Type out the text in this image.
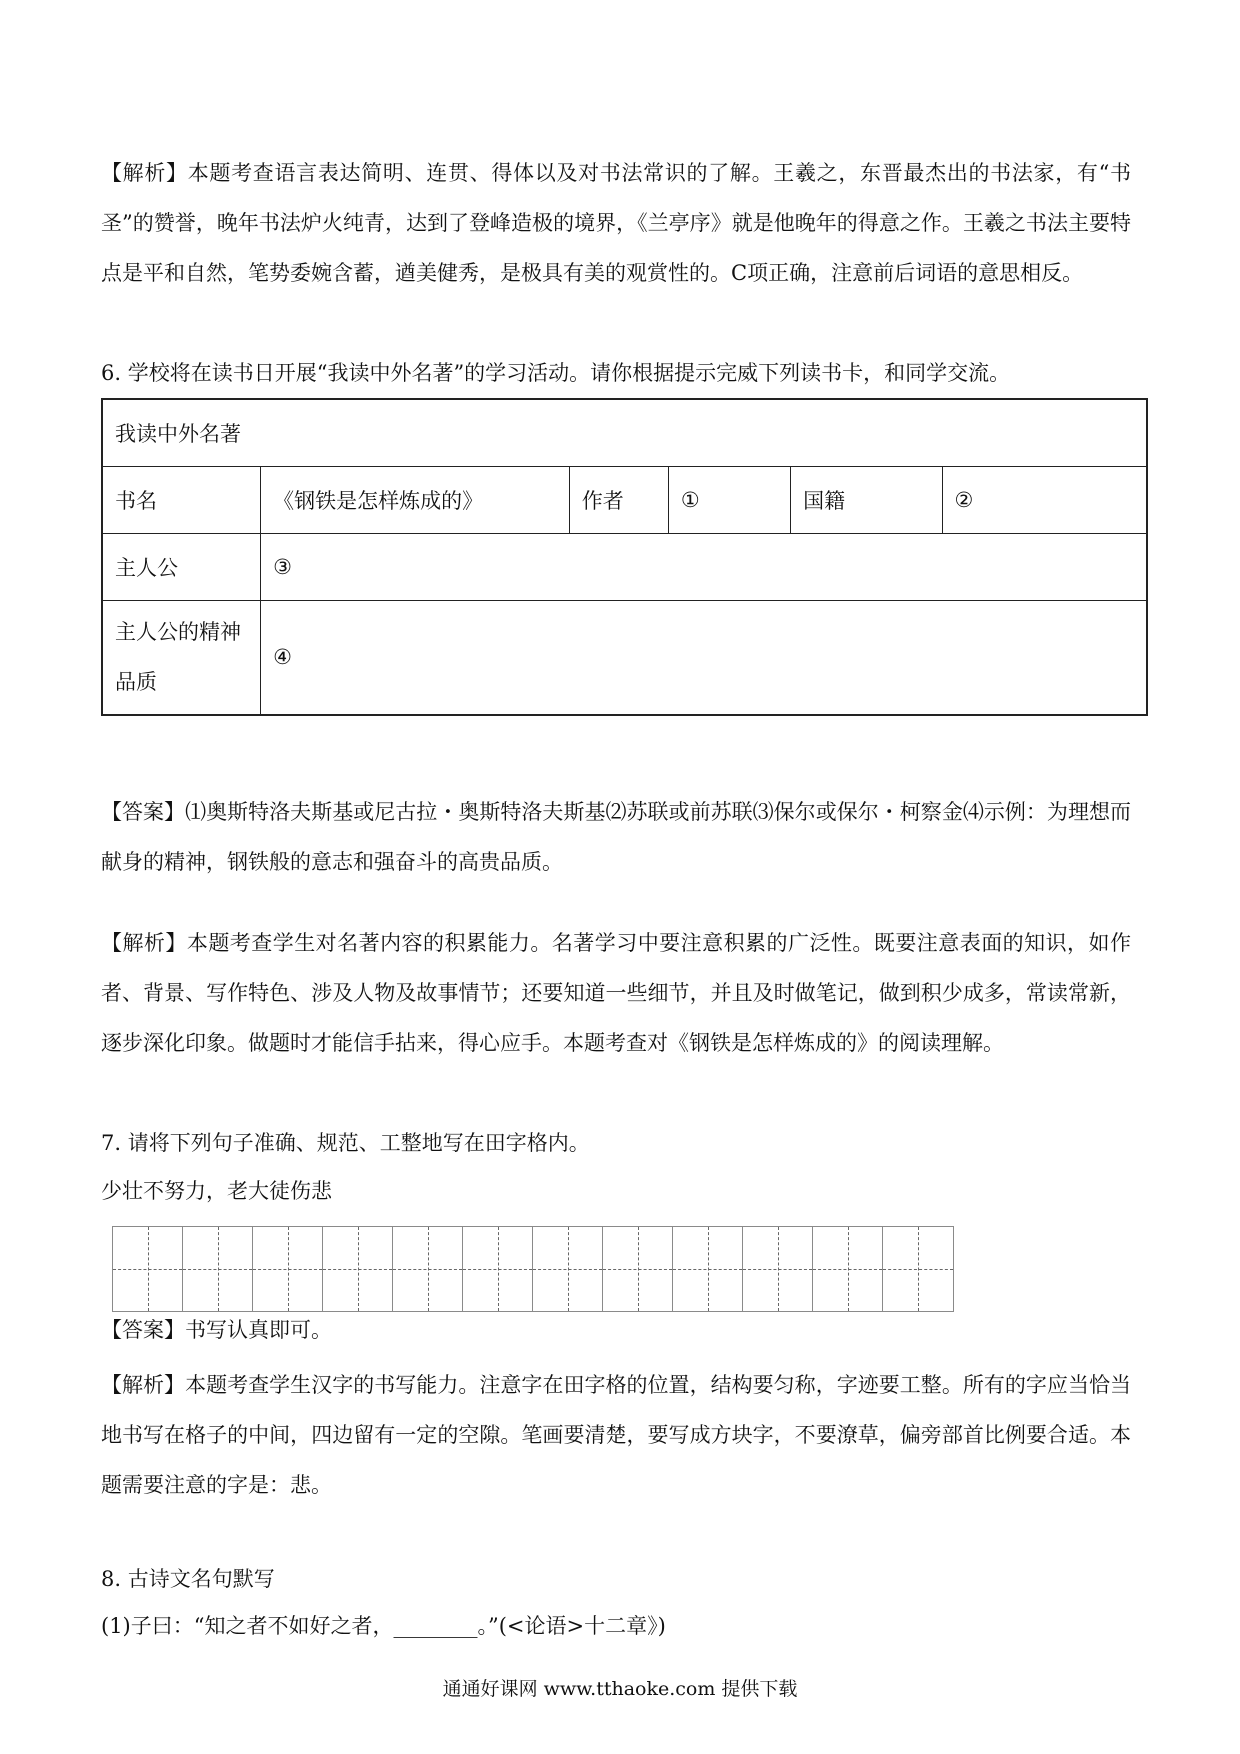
【解析】本题考查语言表达简明、连贯、得体以及对书法常识的了解。王羲之，东晋最杰出的书法家，有“书圣”的赞誉，晚年书法炉火纯青，达到了登峰造极的境界，《兰亭序》就是他晚年的得意之作。王羲之书法主要特点是平和自然，笔势委婉含蓄，遒美健秀，是极具有美的观赏性的。C项正确，注意前后词语的意思相反。

6. 学校将在读书日开展“我读中外名著”的学习活动。请你根据提示完威下列读书卡，和同学交流。

我读中外名著					
书名	《钢铁是怎样炼成的》	作者	①	国籍	②
主人公	③				
主人公的精神
品质	④				

【答案】⑴奥斯特洛夫斯基或尼古拉・奥斯特洛夫斯基⑵苏联或前苏联⑶保尔或保尔・柯察金⑷示例：为理想而献身的精神，钢铁般的意志和强奋斗的高贵品质。

【解析】本题考查学生对名著内容的积累能力。名著学习中要注意积累的广泛性。既要注意表面的知识，如作者、背景、写作特色、涉及人物及故事情节；还要知道一些细节，并且及时做笔记，做到积少成多，常读常新，逐步深化印象。做题时才能信手拈来，得心应手。本题考查对《钢铁是怎样炼成的》的阅读理解。

7. 请将下列句子准确、规范、工整地写在田字格内。

少壮不努力，老大徒伤悲

【答案】书写认真即可。

【解析】本题考查学生汉字的书写能力。注意字在田字格的位置，结构要匀称，字迹要工整。所有的字应当恰当地书写在格子的中间，四边留有一定的空隙。笔画要清楚，要写成方块字，不要潦草，偏旁部首比例要合适。本题需要注意的字是：悲。

8. 古诗文名句默写

(1)子曰：“知之者不如好之者，________。”(<论语>十二章》)

通通好课网 www.tthaoke.com 提供下载
